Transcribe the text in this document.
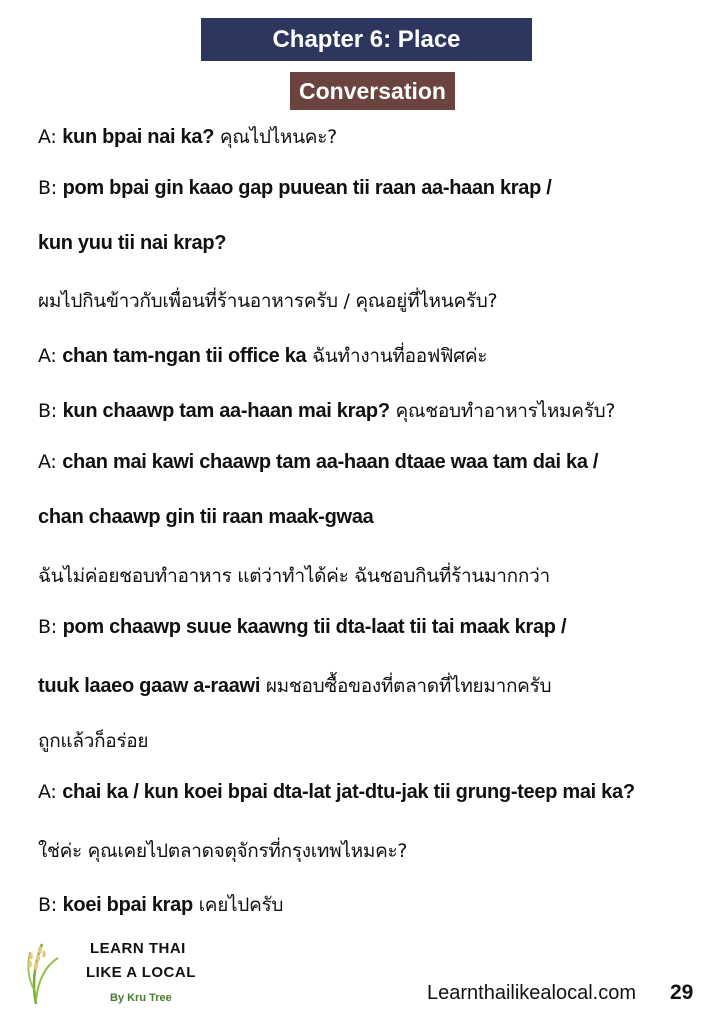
Chapter 6: Place
Conversation
A: kun bpai nai ka? คุณไปไหนคะ?
B: pom bpai gin kaao gap puuean tii raan aa-haan krap /
kun yuu tii nai krap?
ผมไปกินข้าวกับเพื่อนที่ร้านอาหารครับ / คุณอยู่ที่ไหนครับ?
A: chan tam-ngan tii office ka ฉันทำงานที่ออฟฟิศค่ะ
B: kun chaawp tam aa-haan mai krap? คุณชอบทำอาหารไหมครับ?
A: chan mai kawi chaawp tam aa-haan dtaae waa tam dai ka /
chan chaawp gin tii raan maak-gwaa
ฉันไม่ค่อยชอบทำอาหาร แต่ว่าทำได้ค่ะ ฉันชอบกินที่ร้านมากกว่า
B: pom chaawp suue kaawng tii dta-laat tii tai maak krap /
tuuk laaeo gaaw a-raawi ผมชอบซื้อของที่ตลาดที่ไทยมากครับ
ถูกแล้วก็อร่อย
A: chai ka / kun koei bpai dta-lat jat-dtu-jak tii grung-teep mai ka?
ใช่ค่ะ คุณเคยไปตลาดจตุจักรที่กรุงเทพไหมคะ?
B: koei bpai krap เคยไปครับ
LEARN THAI
LIKE A LOCAL
By Kru Tree	Learnthailikealocal.com 29
